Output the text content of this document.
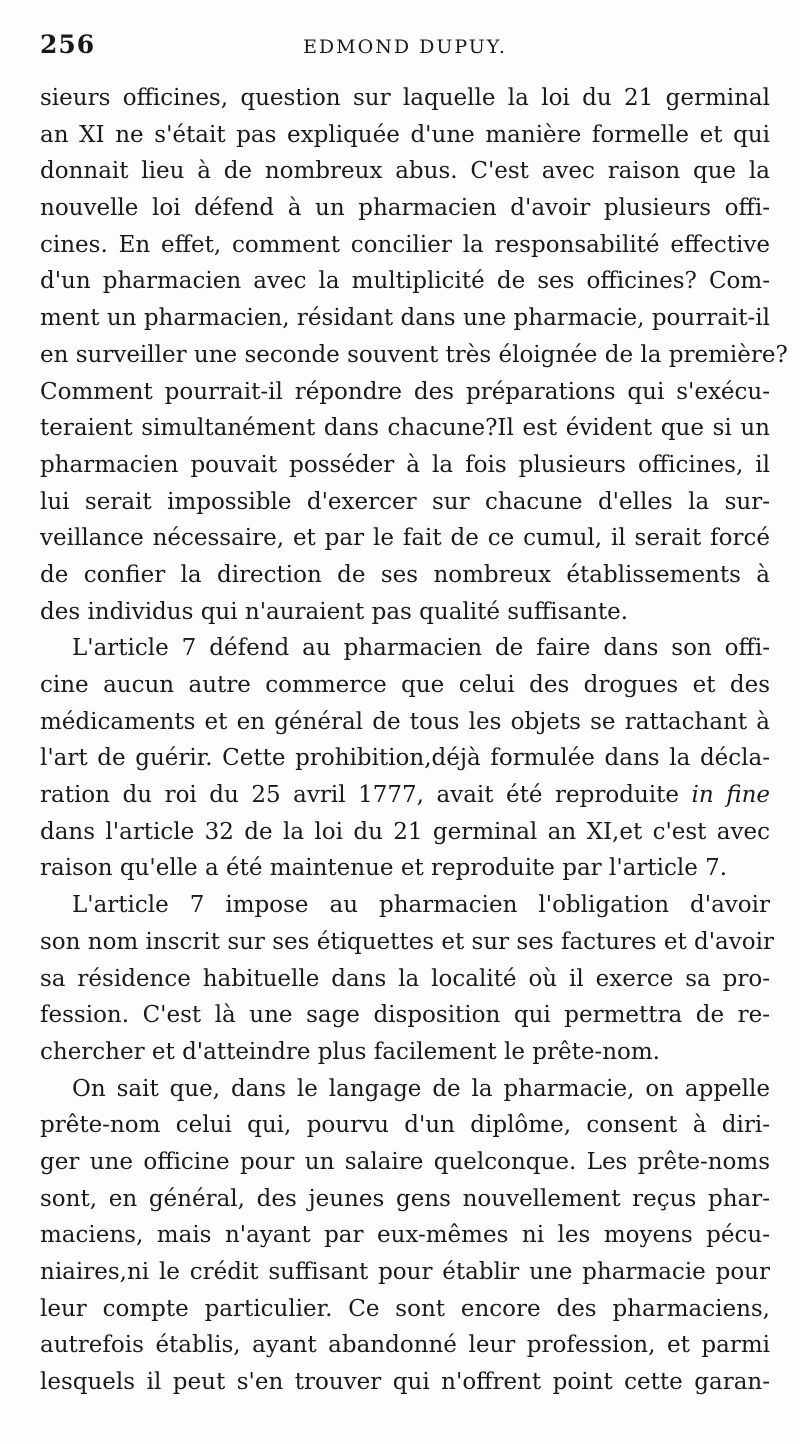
256	EDMOND DUPUY.
sieurs officines, question sur laquelle la loi du 21 germinal
an XI ne s'était pas expliquée d'une manière formelle et qui
donnait lieu à de nombreux abus. C'est avec raison que la
nouvelle loi défend à un pharmacien d'avoir plusieurs offi-
cines. En effet, comment concilier la responsabilité effective
d'un pharmacien avec la multiplicité de ses officines? Com-
ment un pharmacien, résidant dans une pharmacie, pourrait-il
en surveiller une seconde souvent très éloignée de la première?
Comment pourrait-il répondre des préparations qui s'exécu-
teraient simultanément dans chacune?Il est évident que si un
pharmacien pouvait posséder à la fois plusieurs officines, il
lui serait impossible d'exercer sur chacune d'elles la sur-
veillance nécessaire, et par le fait de ce cumul, il serait forcé
de confier la direction de ses nombreux établissements à
des individus qui n'auraient pas qualité suffisante.
L'article 7 défend au pharmacien de faire dans son offi-
cine aucun autre commerce que celui des drogues et des
médicaments et en général de tous les objets se rattachant à
l'art de guérir. Cette prohibition,déjà formulée dans la décla-
ration du roi du 25 avril 1777, avait été reproduite in fine
dans l'article 32 de la loi du 21 germinal an XI,et c'est avec
raison qu'elle a été maintenue et reproduite par l'article 7.
L'article 7 impose au pharmacien l'obligation d'avoir
son nom inscrit sur ses étiquettes et sur ses factures et d'avoir
sa résidence habituelle dans la localité où il exerce sa pro-
fession. C'est là une sage disposition qui permettra de re-
chercher et d'atteindre plus facilement le prête-nom.
On sait que, dans le langage de la pharmacie, on appelle
prête-nom celui qui, pourvu d'un diplôme, consent à diri-
ger une officine pour un salaire quelconque. Les prête-noms
sont, en général, des jeunes gens nouvellement reçus phar-
maciens, mais n'ayant par eux-mêmes ni les moyens pécu-
niaires,ni le crédit suffisant pour établir une pharmacie pour
leur compte particulier. Ce sont encore des pharmaciens,
autrefois établis, ayant abandonné leur profession, et parmi
lesquels il peut s'en trouver qui n'offrent point cette garan-
